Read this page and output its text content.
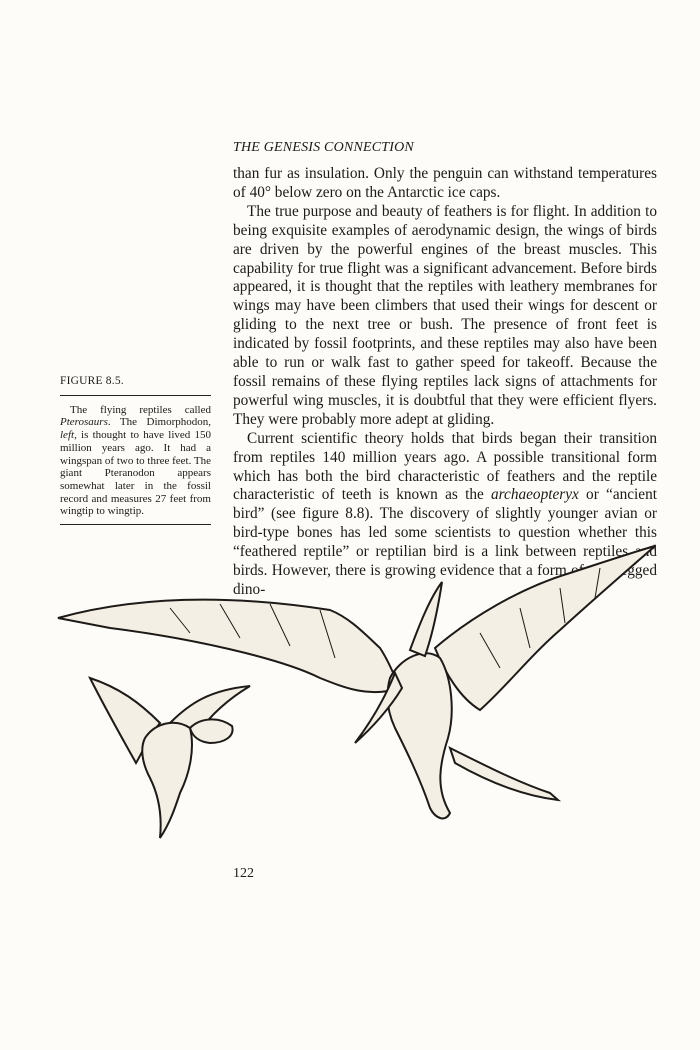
THE GENESIS CONNECTION

than fur as insulation. Only the penguin can withstand temperatures of 40° below zero on the Antarctic ice caps.

The true purpose and beauty of feathers is for flight. In addition to being exquisite examples of aerodynamic design, the wings of birds are driven by the powerful engines of the breast muscles. This capability for true flight was a significant advancement. Before birds appeared, it is thought that the reptiles with leathery membranes for wings may have been climbers that used their wings for descent or gliding to the next tree or bush. The presence of front feet is indicated by fossil footprints, and these reptiles may also have been able to run or walk fast to gather speed for takeoff. Because the fossil remains of these flying reptiles lack signs of attachments for powerful wing muscles, it is doubtful that they were efficient flyers. They were probably more adept at gliding.

Current scientific theory holds that birds began their transition from reptiles 140 million years ago. A possible transitional form which has both the bird characteristic of feathers and the reptile characteristic of teeth is known as the archaeopteryx or “ancient bird” (see figure 8.8). The discovery of slightly younger avian or bird-type bones has led some scientists to question whether this “feathered reptile” or reptilian bird is a link between reptiles and birds. However, there is growing evidence that a form of two-legged dino-

FIGURE 8.5.
The flying reptiles called Pterosaurs. The Dimorphodon, left, is thought to have lived 150 million years ago. It had a wingspan of two to three feet. The giant Pteranodon appears somewhat later in the fossil record and measures 27 feet from wingtip to wingtip.
122
